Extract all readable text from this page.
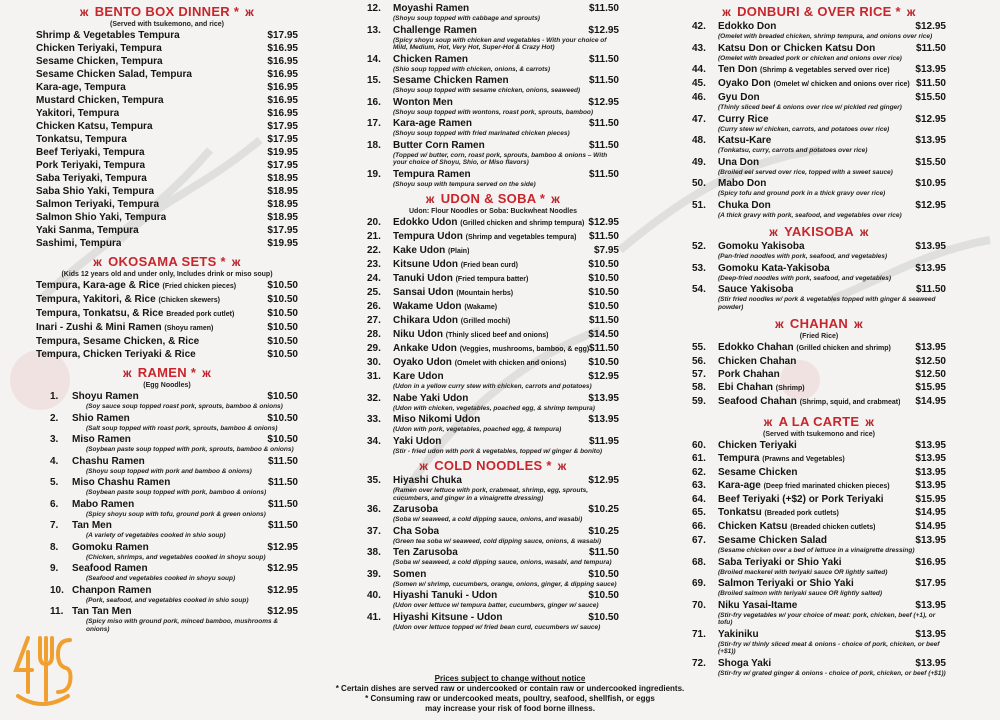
ж BENTO BOX DINNER * ж
(Served with tsukemono, and rice)
Shrimp & Vegetables Tempura	$17.95
Chicken Teriyaki, Tempura	$16.95
Sesame Chicken, Tempura	$16.95
Sesame Chicken Salad, Tempura	$16.95
Kara-age, Tempura	$16.95
Mustard Chicken, Tempura	$16.95
Yakitori, Tempura	$16.95
Chicken Katsu, Tempura	$17.95
Tonkatsu, Tempura	$17.95
Beef Teriyaki, Tempura	$19.95
Pork Teriyaki, Tempura	$17.95
Saba Teriyaki, Tempura	$18.95
Saba Shio Yaki, Tempura	$18.95
Salmon Teriyaki, Tempura	$18.95
Salmon Shio Yaki, Tempura	$18.95
Yaki Sanma, Tempura	$17.95
Sashimi, Tempura	$19.95
ж OKOSAMA SETS * ж
(Kids 12 years old and under only, Includes drink or miso soup)
Tempura, Kara-age & Rice (Fried chicken pieces)	$10.50
Tempura, Yakitori, & Rice (Chicken skewers)	$10.50
Tempura, Tonkatsu, & Rice Breaded pork cutlet)	$10.50
Inari - Zushi & Mini Ramen (Shoyu ramen)	$10.50
Tempura, Sesame Chicken, & Rice	$10.50
Tempura, Chicken Teriyaki & Rice	$10.50
ж RAMEN * ж
(Egg Noodles)
1. Shoyu Ramen	$10.50
(Soy sauce soup topped roast pork, sprouts, bamboo & onions)
2. Shio Ramen	$10.50
(Salt soup topped with roast pork, sprouts, bamboo & onions)
3. Miso Ramen	$10.50
(Soybean paste soup topped with pork, sprouts, bamboo & onions)
4. Chashu Ramen	$11.50
(Shoyu soup topped with pork and bamboo & onions)
5. Miso Chashu Ramen	$11.50
(Soybean paste soup topped with pork, bamboo & onions)
6. Mabo Ramen	$11.50
(Spicy shoyu soup with tofu, ground pork & green onions)
7. Tan Men	$11.50
(A variety of vegetables cooked in shio soup)
8. Gomoku Ramen	$12.95
(Chicken, shrimps, and vegetables cooked in shoyu soup)
9. Seafood Ramen	$12.95
(Seafood and vegetables cooked in shoyu soup)
10. Chanpon Ramen	$12.95
(Pork, seafood, and vegetables cooked in shio soup)
11. Tan Tan Men	$12.95
(Spicy miso with ground pork, minced bamboo, mushrooms & onions)
12. Moyashi Ramen	$11.50
(Shoyu soup topped with cabbage and sprouts)
13. Challenge Ramen	$12.95
(Spicy shoyu soup with chicken and vegetables - With your choice of Mild, Medium, Hot, Very Hot, Super-Hot & Crazy Hot)
14. Chicken Ramen	$11.50
(Shio soup topped with chicken, onions, & carrots)
15. Sesame Chicken Ramen	$11.50
(Shoyu soup topped with sesame chicken, onions, seaweed)
16. Wonton Men	$12.95
(Shoyu soup topped with wontons, roast pork, sprouts, bamboo)
17. Kara-age Ramen	$11.50
(Shoyu soup topped with fried marinated chicken pieces)
18. Butter Corn Ramen	$11.50
(Topped w/ butter, corn, roast pork, sprouts, bamboo & onions – With your choice of Shoyu, Shio, or Miso flavors)
19. Tempura Ramen	$11.50
(Shoyu soup with tempura served on the side)
ж UDON & SOBA * ж
Udon: Flour Noodles or Soba: Buckwheat Noodles
20. Edokko Udon (Grilled chicken and shrimp tempura) $12.95
21. Tempura Udon (Shrimp and vegetables tempura) $11.50
22. Kake Udon (Plain)	$7.95
23. Kitsune Udon (Fried bean curd)	$10.50
24. Tanuki Udon (Fried tempura batter)	$10.50
25. Sansai Udon (Mountain herbs)	$10.50
26. Wakame Udon (Wakame)	$10.50
27. Chikara Udon (Grilled mochi)	$11.50
28. Niku Udon (Thinly sliced beef and onions)	$14.50
29. Ankake Udon (Veggies, mushrooms, bamboo, & egg) $11.50
30. Oyako Udon (Omelet with chicken and onions) $10.50
31. Kare Udon	$12.95
(Udon in a yellow curry stew with chicken, carrots and potatoes)
32. Nabe Yaki Udon	$13.95
(Udon with chicken, vegetables, poached egg, & shrimp tempura)
33. Miso Nikomi Udon	$13.95
(Udon with pork, vegetables, poached egg, & tempura)
34. Yaki Udon	$11.95
(Stir - fried udon with pork & vegetables, topped w/ ginger & bonito)
ж COLD NOODLES * ж
35. Hiyashi Chuka	$12.95
(Ramen over lettuce with pork, crabmeat, shrimp, egg, sprouts, cucumbers, and ginger in a vinaigrette dressing)
36. Zarusoba	$10.25
(Soba w/ seaweed, a cold dipping sauce, onions, and wasabi)
37. Cha Soba	$10.25
(Green tea soba w/ seaweed, cold dipping sauce, onions, & wasabi)
38. Ten Zarusoba	$11.50
(Soba w/ seaweed, a cold dipping sauce, onions, wasabi, and tempura)
39. Somen	$10.50
(Somen w/ shrimp, cucumbers, orange, onions, ginger, & dipping sauce)
40. Hiyashi Tanuki - Udon	$10.50
(Udon over lettuce w/ tempura batter, cucumbers, ginger w/ sauce)
41. Hiyashi Kitsune - Udon	$10.50
(Udon over lettuce topped w/ fried bean curd, cucumbers w/ sauce)
ж DONBURI & OVER RICE * ж
42. Edokko Don	$12.95
(Omelet with breaded chicken, shrimp tempura, and onions over rice)
43. Katsu Don or Chicken Katsu Don	$11.50
(Omelet with breaded pork or chicken and onions over rice)
44. Ten Don (Shrimp & vegetables served over rice)	$13.95
45. Oyako Don (Omelet w/ chicken and onions over rice) $11.50
46. Gyu Don	$15.50
(Thinly sliced beef & onions over rice w/ pickled red ginger)
47. Curry Rice	$12.95
(Curry stew w/ chicken, carrots, and potatoes over rice)
48. Katsu-Kare	$13.95
(Tonkatsu, curry, carrots and potatoes over rice)
49. Una Don	$15.50
(Broiled eel served over rice, topped with a sweet sauce)
50. Mabo Don	$10.95
(Spicy tofu and ground pork in a thick gravy over rice)
51. Chuka Don	$12.95
(A thick gravy with pork, seafood, and vegetables over rice)
ж YAKISOBA ж
52. Gomoku Yakisoba	$13.95
(Pan-fried noodles with pork, seafood, and vegetables)
53. Gomoku Kata-Yakisoba	$13.95
(Deep-fried noodles with pork, seafood, and vegetables)
54. Sauce Yakisoba	$11.50
(Stir fried noodles w/ pork & vegetables topped with ginger & seaweed powder)
ж CHAHAN ж
(Fried Rice)
55. Edokko Chahan (Grilled chicken and shrimp) $13.95
56. Chicken Chahan	$12.50
57. Pork Chahan	$12.50
58. Ebi Chahan (Shrimp)	$15.95
59. Seafood Chahan (Shrimp, squid, and crabmeat) $14.95
ж A LA CARTE ж
(Served with tsukemono and rice)
60. Chicken Teriyaki	$13.95
61. Tempura (Prawns and Vegetables)	$13.95
62. Sesame Chicken	$13.95
63. Kara-age (Deep fried marinated chicken pieces)	$13.95
64. Beef Teriyaki (+$2) or Pork Teriyaki	$15.95
65. Tonkatsu (Breaded pork cutlets)	$14.95
66. Chicken Katsu (Breaded chicken cutlets)	$14.95
67. Sesame Chicken Salad	$13.95
(Sesame chicken over a bed of lettuce in a vinaigrette dressing)
68. Saba Teriyaki or Shio Yaki	$16.95
(Broiled mackerel with teriyaki sauce OR lightly salted)
69. Salmon Teriyaki or Shio Yaki	$17.95
(Broiled salmon with teriyaki sauce OR lightly salted)
70. Niku Yasai-Itame	$13.95
(Stir-fry vegetables w/ your choice of meat: pork, chicken, beef (+1), or tofu)
71. Yakiniku	$13.95
(Stir-fry w/ thinly sliced meat & onions - choice of pork, chicken, or beef (+$1))
72. Shoga Yaki	$13.95
(Stir-fry w/ grated ginger & onions - choice of pork, chicken, or beef (+$1))
Prices subject to change without notice
* Certain dishes are served raw or undercooked or contain raw or undercooked ingredients.
* Consuming raw or undercooked meats, poultry, seafood, shellfish, or eggs
may increase your risk of food borne illness.
